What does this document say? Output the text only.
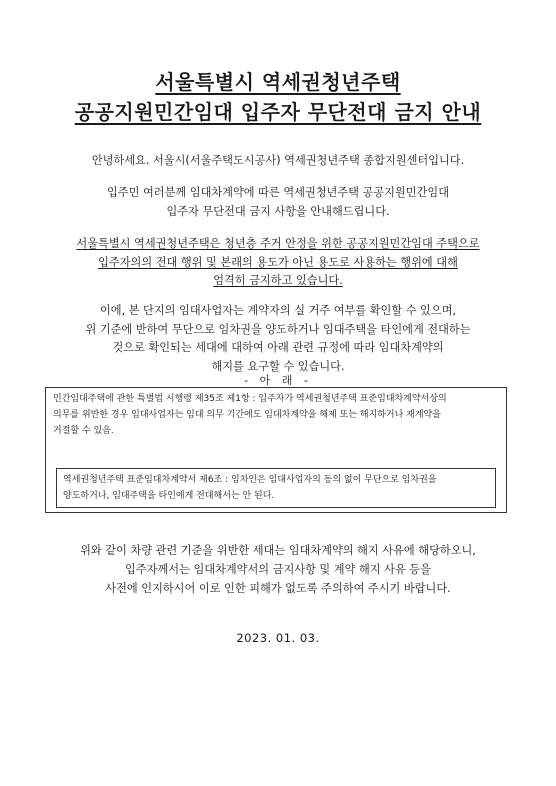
서울특별시 역세권청년주택
공공지원민간임대 입주자 무단전대 금지 안내
안녕하세요. 서울시(서울주택도시공사) 역세권청년주택 종합지원센터입니다.
입주민 여러분께 임대차계약에 따른 역세권청년주택 공공지원민간임대
입주자 무단전대 금지 사항을 안내해드립니다.
서울특별시 역세권청년주택은 청년층 주거 안정을 위한 공공지원민간임대 주택으로
입주자의의 전대 행위 및 본래의 용도가 아닌 용도로 사용하는 행위에 대해
엄격히 금지하고 있습니다.
이에, 본 단지의 임대사업자는 계약자의 실 거주 여부를 확인할 수 있으며,
위 기준에 반하여 무단으로 임차권을 양도하거나 임대주택을 타인에게 전대하는
것으로 확인되는 세대에 대하여 아래 관련 규정에 따라 임대차계약의
해지를 요구할 수 있습니다.
- 아 래 -
민간임대주택에 관한 특별법 시행령 제35조 제1항 : 입주자가 역세권청년주택 표준임대차계약서상의
의무를 위반한 경우 임대사업자는 임대 의무 기간에도 임대차계약을 해제 또는 해지하거나 재계약을
거절할 수 있음.
역세권청년주택 표준임대차계약서 제6조 : 임차인은 임대사업자의 동의 없이 무단으로 임차권을
양도하거나, 임대주택을 타인에게 전대해서는 안 된다.
위와 같이 차량 관련 기준을 위반한 세대는 임대차계약의 해지 사유에 해당하오니,
입주자께서는 임대차계약서의 금지사항 및 계약 해지 사유 등을
사전에 인지하시어 이로 인한 피해가 없도록 주의하여 주시기 바랍니다.
2023. 01. 03.
